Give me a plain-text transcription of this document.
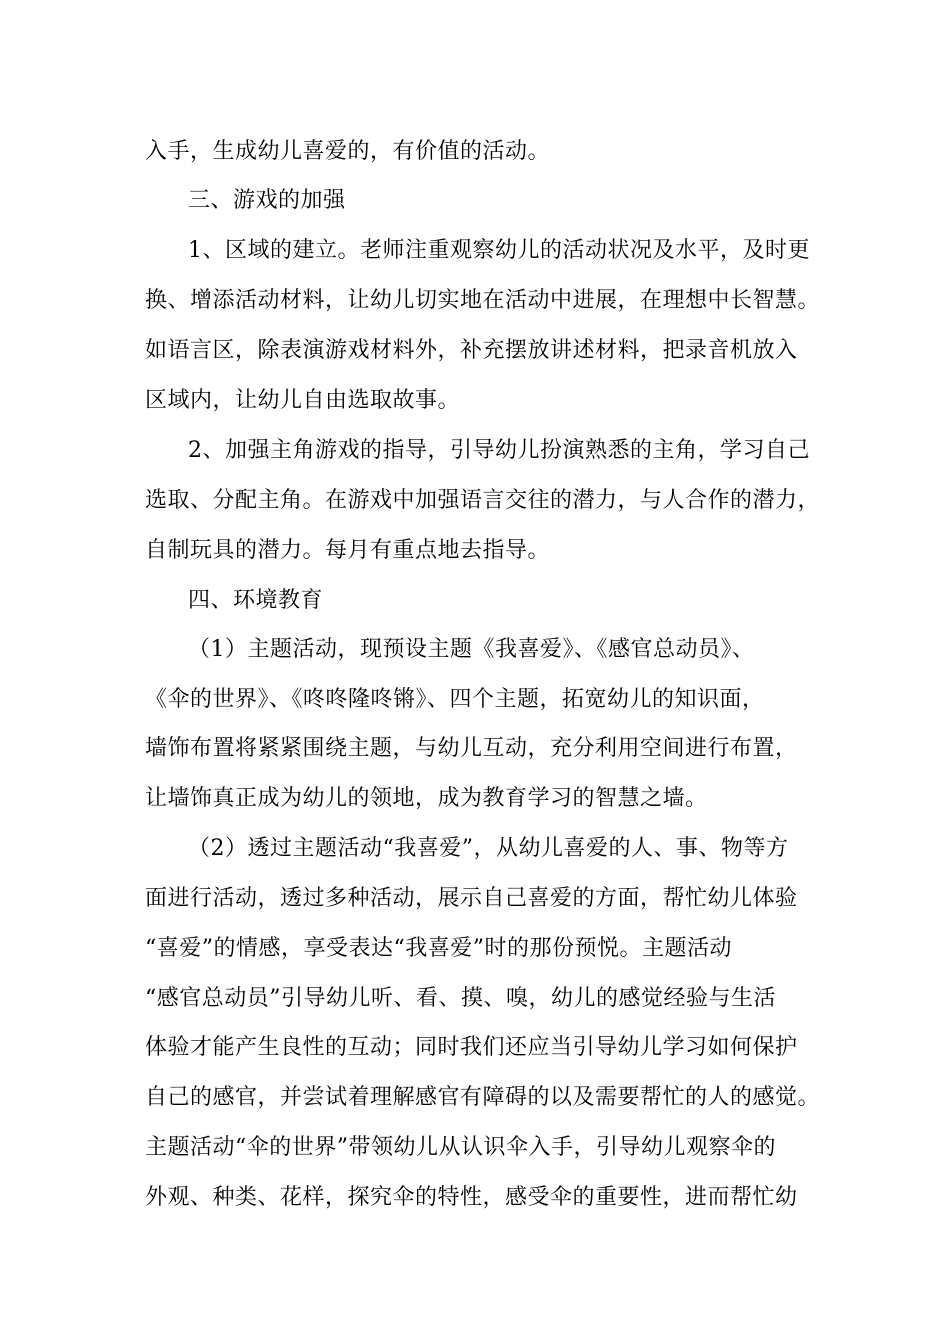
入手，生成幼儿喜爱的，有价值的活动。
三、游戏的加强
1、区域的建立。老师注重观察幼儿的活动状况及水平，及时更
换、增添活动材料，让幼儿切实地在活动中进展，在理想中长智慧。
如语言区，除表演游戏材料外，补充摆放讲述材料，把录音机放入
区域内，让幼儿自由选取故事。
2、加强主角游戏的指导，引导幼儿扮演熟悉的主角，学习自己
选取、分配主角。在游戏中加强语言交往的潜力，与人合作的潜力，
自制玩具的潜力。每月有重点地去指导。
四、环境教育
（1）主题活动，现预设主题《我喜爱》、《感官总动员》、
《伞的世界》、《咚咚隆咚锵》、四个主题，拓宽幼儿的知识面，
墙饰布置将紧紧围绕主题，与幼儿互动，充分利用空间进行布置，
让墙饰真正成为幼儿的领地，成为教育学习的智慧之墙。
（2）透过主题活动“我喜爱”，从幼儿喜爱的人、事、物等方
面进行活动，透过多种活动，展示自己喜爱的方面，帮忙幼儿体验
“喜爱”的情感，享受表达“我喜爱”时的那份预悦。主题活动
“感官总动员”引导幼儿听、看、摸、嗅，幼儿的感觉经验与生活
体验才能产生良性的互动；同时我们还应当引导幼儿学习如何保护
自己的感官，并尝试着理解感官有障碍的以及需要帮忙的人的感觉。
主题活动“伞的世界”带领幼儿从认识伞入手，引导幼儿观察伞的
外观、种类、花样，探究伞的特性，感受伞的重要性，进而帮忙幼
